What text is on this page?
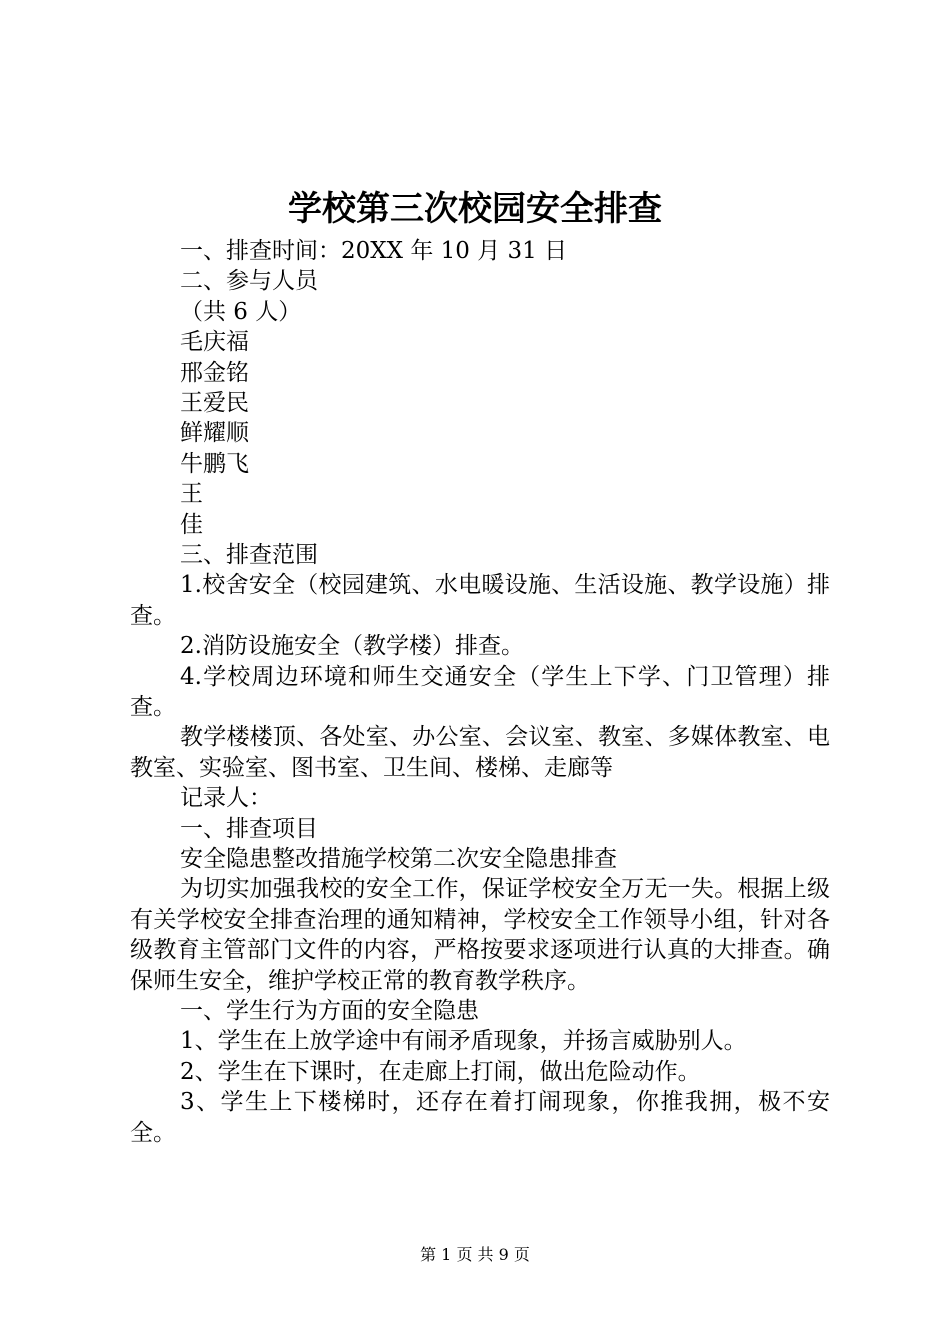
学校第三次校园安全排查
一、排查时间：20XX 年 10 月 31 日
二、参与人员
（共 6 人）
毛庆福
邢金铭
王爱民
鲜耀顺
牛鹏飞
王
佳
三、排查范围

1.校舍安全（校园建筑、水电暖设施、生活设施、教学设施）排查。

2.消防设施安全（教学楼）排查。

4.学校周边环境和师生交通安全（学生上下学、门卫管理）排查。

教学楼楼顶、各处室、办公室、会议室、教室、多媒体教室、电教室、实验室、图书室、卫生间、楼梯、走廊等

记录人：
一、排查项目
安全隐患整改措施学校第二次安全隐患排查

为切实加强我校的安全工作，保证学校安全万无一失。根据上级有关学校安全排查治理的通知精神，学校安全工作领导小组，针对各级教育主管部门文件的内容，严格按要求逐项进行认真的大排查。确保师生安全，维护学校正常的教育教学秩序。

一、学生行为方面的安全隐患
1、学生在上放学途中有闹矛盾现象，并扬言威胁别人。
2、学生在下课时，在走廊上打闹，做出危险动作。

3、学生上下楼梯时，还存在着打闹现象，你推我拥，极不安全。

第 1 页 共 9 页
